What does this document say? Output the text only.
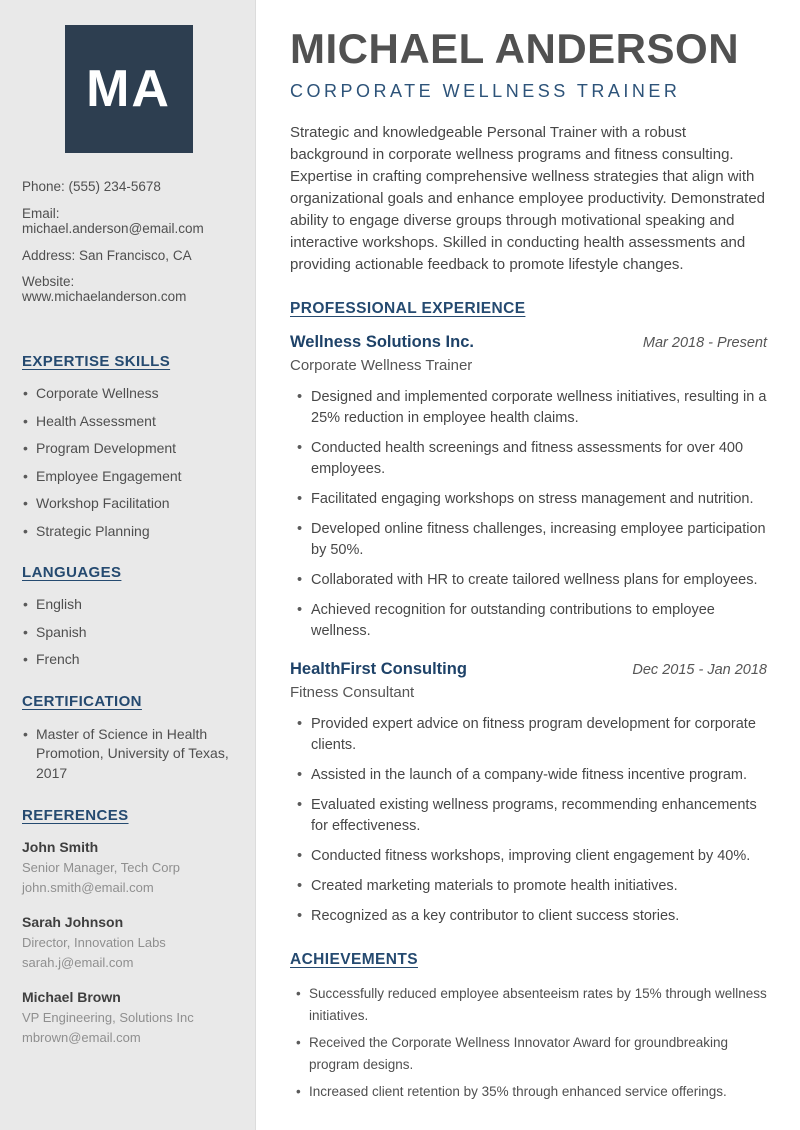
MA

Phone: (555) 234-5678

Email: michael.anderson@email.com

Address: San Francisco, CA

Website: www.michaelanderson.com

EXPERTISE SKILLS
• Corporate Wellness
• Health Assessment
• Program Development
• Employee Engagement
• Workshop Facilitation
• Strategic Planning
LANGUAGES
• English
• Spanish
• French
CERTIFICATION
• Master of Science in Health Promotion, University of Texas, 2017
REFERENCES

John Smith

Senior Manager, Tech Corp

john.smith@email.com

Sarah Johnson

Director, Innovation Labs

sarah.j@email.com

Michael Brown

VP Engineering, Solutions Inc

mbrown@email.com

MICHAEL ANDERSON
CORPORATE WELLNESS TRAINER

Strategic and knowledgeable Personal Trainer with a robust background in corporate wellness programs and fitness consulting. Expertise in crafting comprehensive wellness strategies that align with organizational goals and enhance employee productivity. Demonstrated ability to engage diverse groups through motivational speaking and interactive workshops. Skilled in conducting health assessments and providing actionable feedback to promote lifestyle changes.

PROFESSIONAL EXPERIENCE
Wellness Solutions Inc.	Mar 2018 - Present

Corporate Wellness Trainer

• Designed and implemented corporate wellness initiatives, resulting in a 25% reduction in employee health claims.
• Conducted health screenings and fitness assessments for over 400 employees.
• Facilitated engaging workshops on stress management and nutrition.
• Developed online fitness challenges, increasing employee participation by 50%.
• Collaborated with HR to create tailored wellness plans for employees.
• Achieved recognition for outstanding contributions to employee wellness.
HealthFirst Consulting	Dec 2015 - Jan 2018

Fitness Consultant

• Provided expert advice on fitness program development for corporate clients.
• Assisted in the launch of a company-wide fitness incentive program.
• Evaluated existing wellness programs, recommending enhancements for effectiveness.
• Conducted fitness workshops, improving client engagement by 40%.
• Created marketing materials to promote health initiatives.
• Recognized as a key contributor to client success stories.
ACHIEVEMENTS
• Successfully reduced employee absenteeism rates by 15% through wellness initiatives.
• Received the Corporate Wellness Innovator Award for groundbreaking program designs.
• Increased client retention by 35% through enhanced service offerings.
